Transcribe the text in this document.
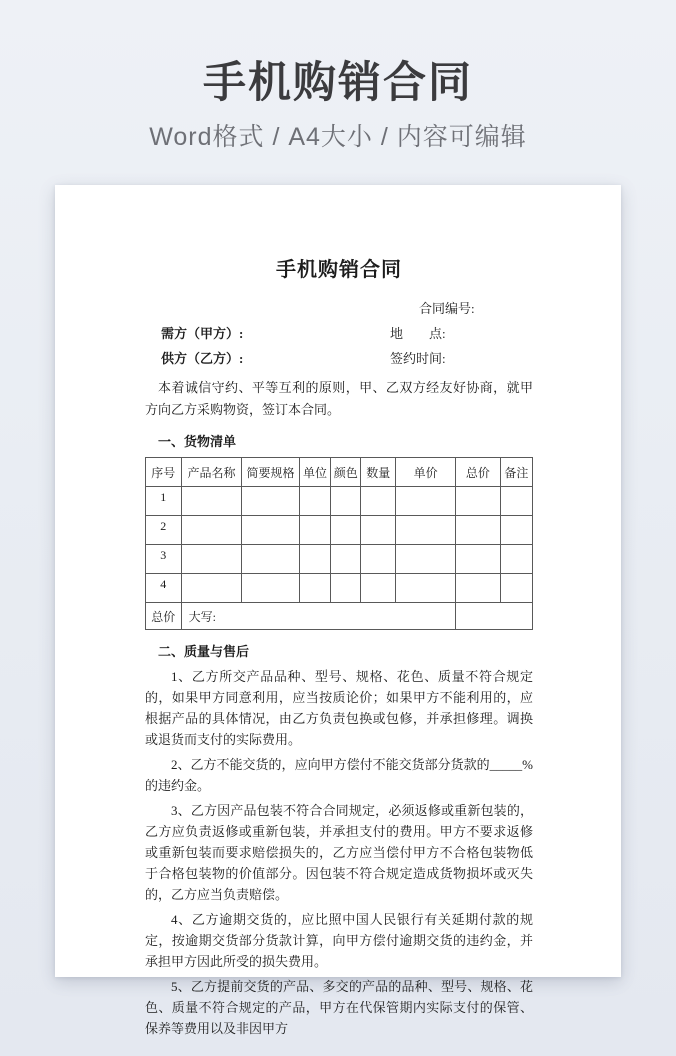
手机购销合同
Word格式 / A4大小 / 内容可编辑
手机购销合同
合同编号:
需方（甲方）:	地　　点:
供方（乙方）:	签约时间:

本着诚信守约、平等互利的原则，甲、乙双方经友好协商，就甲方向乙方采购物资，签订本合同。

一、货物清单
序号	产品名称	简要规格	单位	颜色	数量	单价	总价	备注
1								
2								
3								
4								
总价	大写:							
二、质量与售后

1、乙方所交产品品种、型号、规格、花色、质量不符合规定的，如果甲方同意利用，应当按质论价；如果甲方不能利用的，应根据产品的具体情况，由乙方负责包换或包修，并承担修理。调换或退货而支付的实际费用。

2、乙方不能交货的，应向甲方偿付不能交货部分货款的_____%的违约金。

3、乙方因产品包装不符合合同规定，必须返修或重新包装的，乙方应负责返修或重新包装，并承担支付的费用。甲方不要求返修或重新包装而要求赔偿损失的，乙方应当偿付甲方不合格包装物低于合格包装物的价值部分。因包装不符合规定造成货物损坏或灭失的，乙方应当负责赔偿。

4、乙方逾期交货的，应比照中国人民银行有关延期付款的规定，按逾期交货部分货款计算，向甲方偿付逾期交货的违约金，并承担甲方因此所受的损失费用。

5、乙方提前交货的产品、多交的产品的品种、型号、规格、花色、质量不符合规定的产品，甲方在代保管期内实际支付的保管、保养等费用以及非因甲方
